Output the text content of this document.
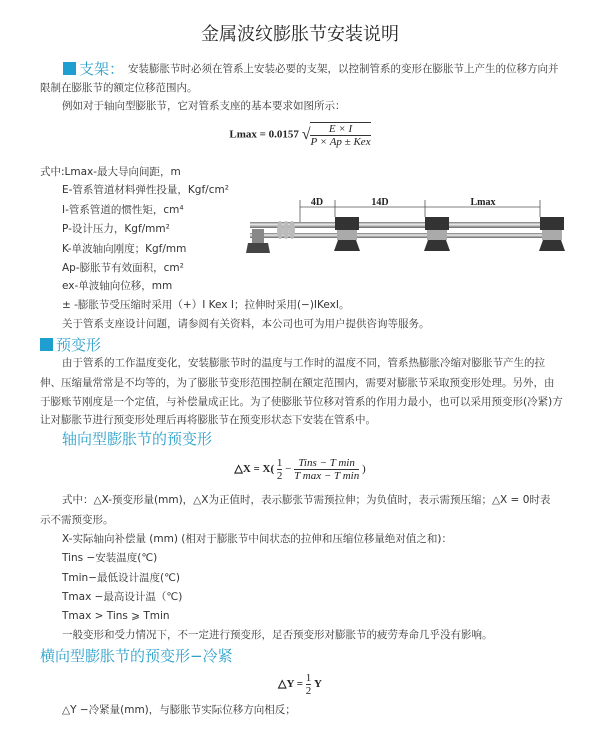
金属波纹膨胀节安装说明
支架： 安装膨胀节时必须在管系上安装必要的支架，以控制管系的变形在膨胀节上产生的位移方向并
限制在膨胀节的额定位移范围内。
例如对于轴向型膨胀节，它对管系支座的基本要求如图所示：
Lmax = 0.0157 √ $\frac{E \times I}{\text{P × Ap ± Kex}}$
式中:Lmax-最大导向间距，m
E-管系管道材料弹性投量，Kgf/cm²
I-管系管道的惯性矩，cm⁴
P-设计压力，Kgf/mm²
K-单波轴向刚度；Kgf/mm
Ap-膨胀节有效面积，cm²
ex-单波轴向位移，mm
± -膨胀节受压缩时采用（+）I Kex I；拉伸时采用(−)IKexI。
关于管系支座设计问题，请参阅有关资料，本公司也可为用户提供咨询等服务。
4D	14D	Lmax
预变形
由于管系的工作温度变化，安装膨胀节时的温度与工作时的温度不同，管系热膨胀冷缩对膨胀节产生的拉
伸、压缩量常常是不均等的，为了膨胀节变形范围控制在额定范围内，需要对膨胀节采取预变形处理。另外，由
于膨账节刚度是一个定值，与补偿量成正比。为了使膨胀节位移对管系的作用力最小，也可以采用预变形(冷紧)方
让对膨胀节进行预变形处理后再将膨胀节在预变形状态下安装在管系中。
轴向型膨胀节的预变形
△X = $X( \frac{1}{2} - \frac{\text{Tins − T min}}{\text{T max − T min}}$ )
式中：△X-预变形量(mm)，△X为正值时，表示膨张节需预拉伸；为负值时，表示需预压缩；△X = 0时表
示不需预变形。
X-实际轴向补偿量 (mm) (相对于膨胀节中间状态的拉伸和压缩位移量绝对值之和)：
Tins −安装温度(℃)
Tmin−最低设计温度(℃)
Tmax −最高设计温（℃)
Tmax > Tins ⩾ Tmin
一般变形和受力情况下，不一定进行预变形，足否预变形对膨胀节的疲劳寿命几乎没有影响。
横向型膨胀节的预变形−冷紧
△Y = $\frac{1}{2}$ Y
△Y −冷紧量(mm)，与膨胀节实际位移方向相反；
